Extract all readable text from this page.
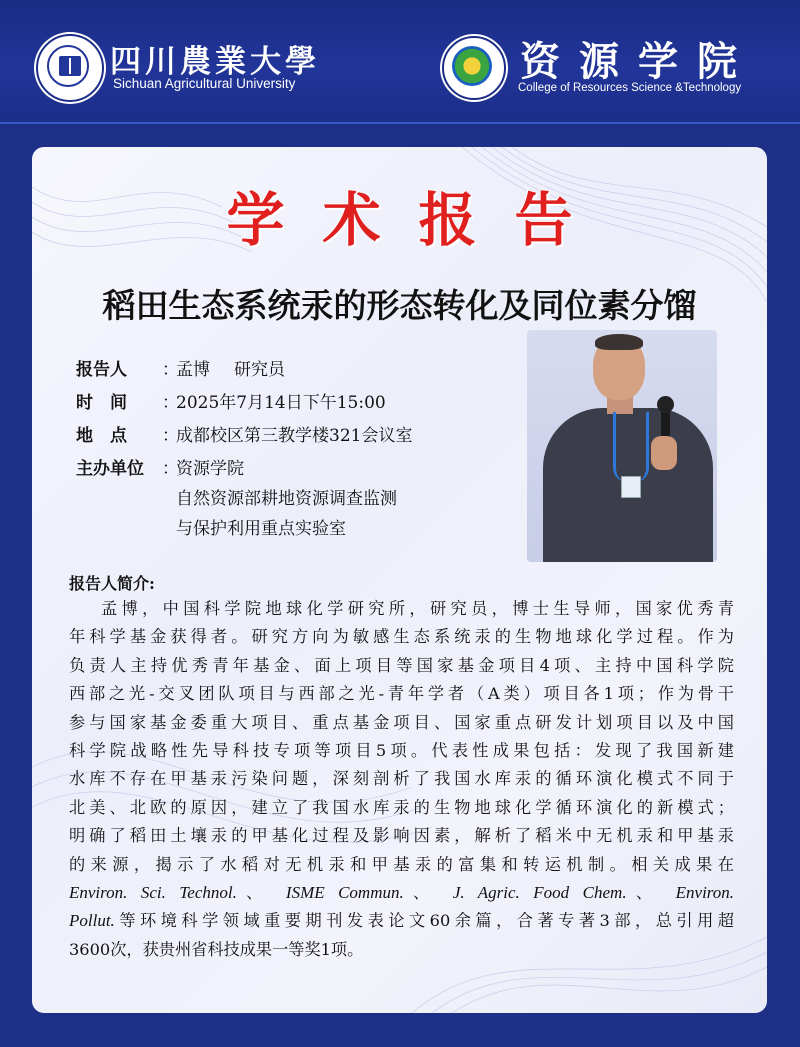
四川農業大學
Sichuan Agricultural University	资源学院
College of Resources Science &Technology
学术报告
稻田生态系统汞的形态转化及同位素分馏
报告人	：
孟博 研究员
时　间	：
2025年7月14日下午15:00
地　点	：
成都校区第三教学楼321会议室
主办单位	：
资源学院
自然资源部耕地资源调查监测
与保护利用重点实验室
报告人简介:
孟博，中国科学院地球化学研究所，研究员，博士生导师，国家优秀青
年科学基金获得者。研究方向为敏感生态系统汞的生物地球化学过程。作为
负责人主持优秀青年基金、面上项目等国家基金项目4项、主持中国科学院
西部之光-交叉团队项目与西部之光-青年学者（A类）项目各1项；作为骨干
参与国家基金委重大项目、重点基金项目、国家重点研发计划项目以及中国
科学院战略性先导科技专项等项目5项。代表性成果包括：发现了我国新建
水库不存在甲基汞污染问题，深刻剖析了我国水库汞的循环演化模式不同于
北美、北欧的原因，建立了我国水库汞的生物地球化学循环演化的新模式；
明确了稻田土壤汞的甲基化过程及影响因素，解析了稻米中无机汞和甲基汞
的来源，揭示了水稻对无机汞和甲基汞的富集和转运机制。相关成果在
Environ. Sci. Technol.、 ISME Commun.、 J. Agric. Food Chem.、 Environ.
Pollut.等环境科学领域重要期刊发表论文60余篇，合著专著3部，总引用超
3600次，获贵州省科技成果一等奖1项。
